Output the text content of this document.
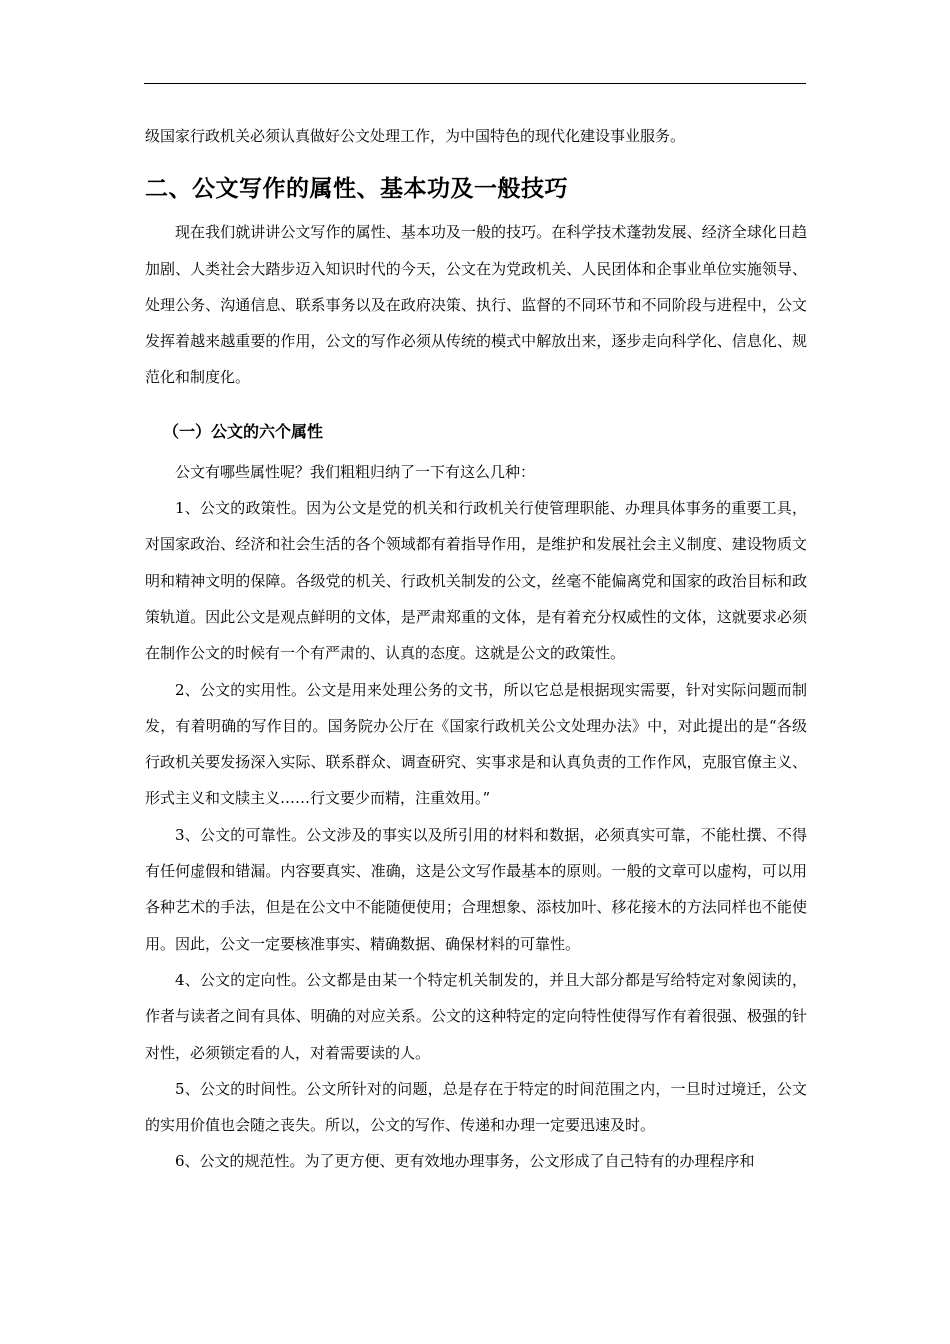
级国家行政机关必须认真做好公文处理工作，为中国特色的现代化建设事业服务。

二、公文写作的属性、基本功及一般技巧

现在我们就讲讲公文写作的属性、基本功及一般的技巧。在科学技术蓬勃发展、经济全球化日趋加剧、人类社会大踏步迈入知识时代的今天，公文在为党政机关、人民团体和企事业单位实施领导、处理公务、沟通信息、联系事务以及在政府决策、执行、监督的不同环节和不同阶段与进程中，公文发挥着越来越重要的作用，公文的写作必须从传统的模式中解放出来，逐步走向科学化、信息化、规范化和制度化。

（一）公文的六个属性

公文有哪些属性呢？我们粗粗归纳了一下有这么几种：

1、公文的政策性。因为公文是党的机关和行政机关行使管理职能、办理具体事务的重要工具，对国家政治、经济和社会生活的各个领域都有着指导作用，是维护和发展社会主义制度、建设物质文明和精神文明的保障。各级党的机关、行政机关制发的公文，丝毫不能偏离党和国家的政治目标和政策轨道。因此公文是观点鲜明的文体，是严肃郑重的文体，是有着充分权威性的文体，这就要求必须在制作公文的时候有一个有严肃的、认真的态度。这就是公文的政策性。

2、公文的实用性。公文是用来处理公务的文书，所以它总是根据现实需要，针对实际问题而制发，有着明确的写作目的。国务院办公厅在《国家行政机关公文处理办法》中，对此提出的是“各级行政机关要发扬深入实际、联系群众、调查研究、实事求是和认真负责的工作作风，克服官僚主义、形式主义和文牍主义……行文要少而精，注重效用。”

3、公文的可靠性。公文涉及的事实以及所引用的材料和数据，必须真实可靠，不能杜撰、不得有任何虚假和错漏。内容要真实、准确，这是公文写作最基本的原则。一般的文章可以虚构，可以用各种艺术的手法，但是在公文中不能随便使用；合理想象、添枝加叶、移花接木的方法同样也不能使用。因此，公文一定要核准事实、精确数据、确保材料的可靠性。

4、公文的定向性。公文都是由某一个特定机关制发的，并且大部分都是写给特定对象阅读的，作者与读者之间有具体、明确的对应关系。公文的这种特定的定向特性使得写作有着很强、极强的针对性，必须锁定看的人，对着需要读的人。

5、公文的时间性。公文所针对的问题，总是存在于特定的时间范围之内，一旦时过境迁，公文的实用价值也会随之丧失。所以，公文的写作、传递和办理一定要迅速及时。

6、公文的规范性。为了更方便、更有效地办理事务，公文形成了自己特有的办理程序和
